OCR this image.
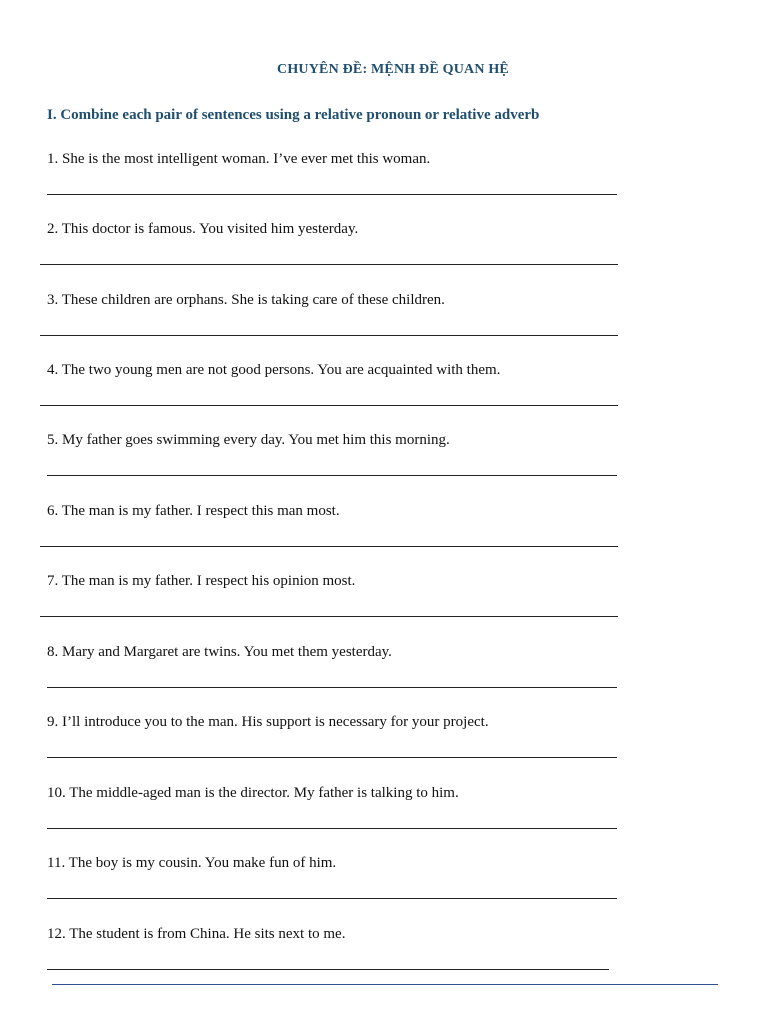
CHUYÊN ĐỀ: MỆNH ĐỀ QUAN HỆ
I. Combine each pair of sentences using a relative pronoun or relative adverb
1. She is the most intelligent woman. I’ve ever met this woman.
2. This doctor is famous. You visited him yesterday.
3. These children are orphans. She is taking care of these children.
4. The two young men are not good persons. You are acquainted with them.
5. My father goes swimming every day. You met him this morning.
6. The man is my father. I respect this man most.
7. The man is my father. I respect his opinion most.
8. Mary and Margaret are twins. You met them yesterday.
9. I’ll introduce you to the man. His support is necessary for your project.
10. The middle-aged man is the director. My father is talking to him.
11. The boy is my cousin. You make fun of him.
12. The student is from China. He sits next to me.
